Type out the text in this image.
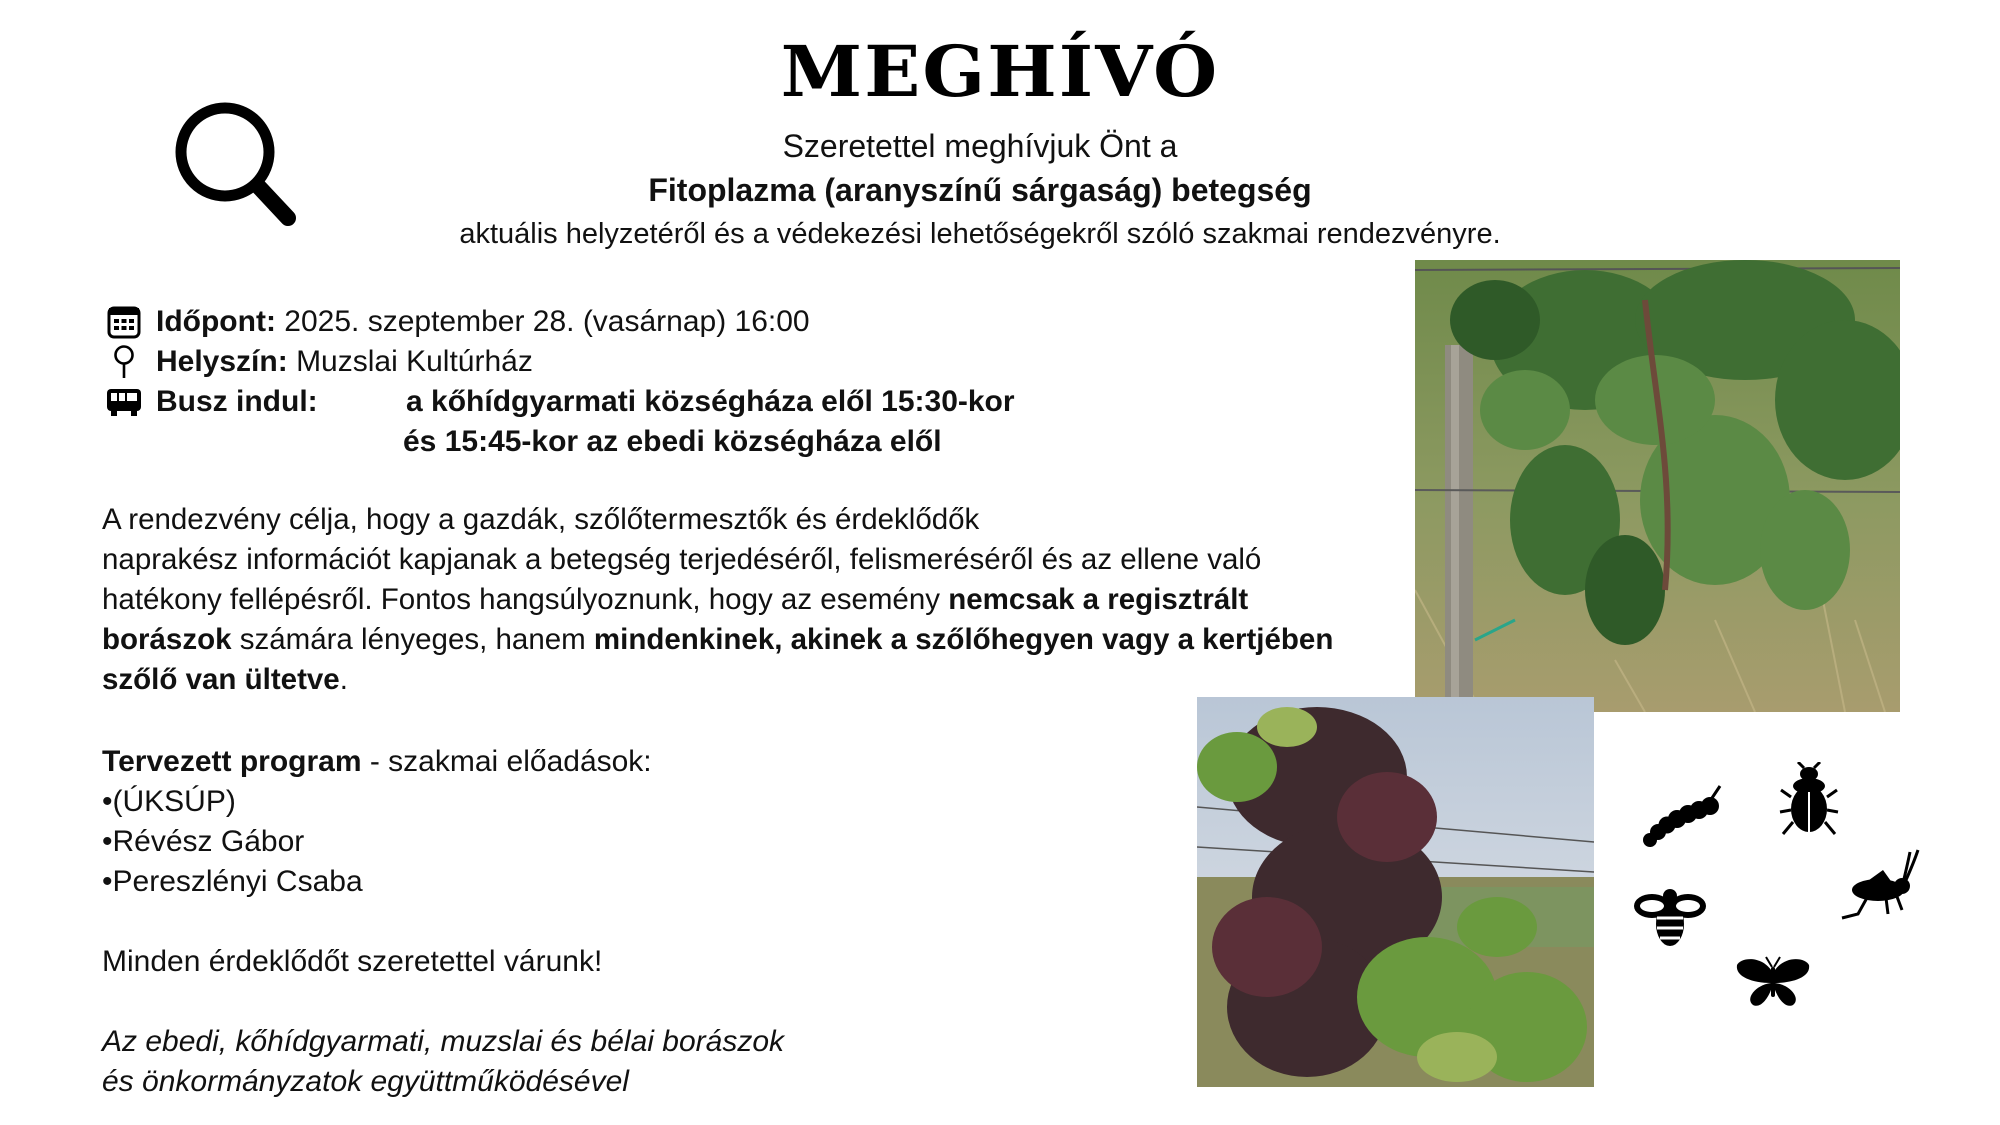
MEGHÍVÓ
Szeretettel meghívjuk Önt a
Fitoplazma (aranyszínű sárgaság) betegség
aktuális helyzetéről és a védekezési lehetőségekről szóló szakmai rendezvényre.
Időpont:
2025. szeptember 28. (vasárnap) 16:00
Helyszín:
Muzslai Kultúrház
Busz indul:	a kőhídgyarmati községháza elől 15:30-kor
és 15:45-kor az ebedi községháza elől
A rendezvény célja, hogy a gazdák, szőlőtermesztők és érdeklődők
naprakész információt kapjanak a betegség terjedéséről, felismeréséről és az ellene való hatékony fellépésről. Fontos hangsúlyoznunk, hogy az esemény nemcsak a regisztrált borászok számára lényeges, hanem mindenkinek, akinek a szőlőhegyen vagy a kertjében szőlő van ültetve.
Tervezett program - szakmai előadások:
•(ÚKSÚP)
•Révész Gábor
•Pereszlényi Csaba
Minden érdeklődőt szeretettel várunk!
Az ebedi, kőhídgyarmati, muzslai és bélai borászok
és önkormányzatok együttműködésével
